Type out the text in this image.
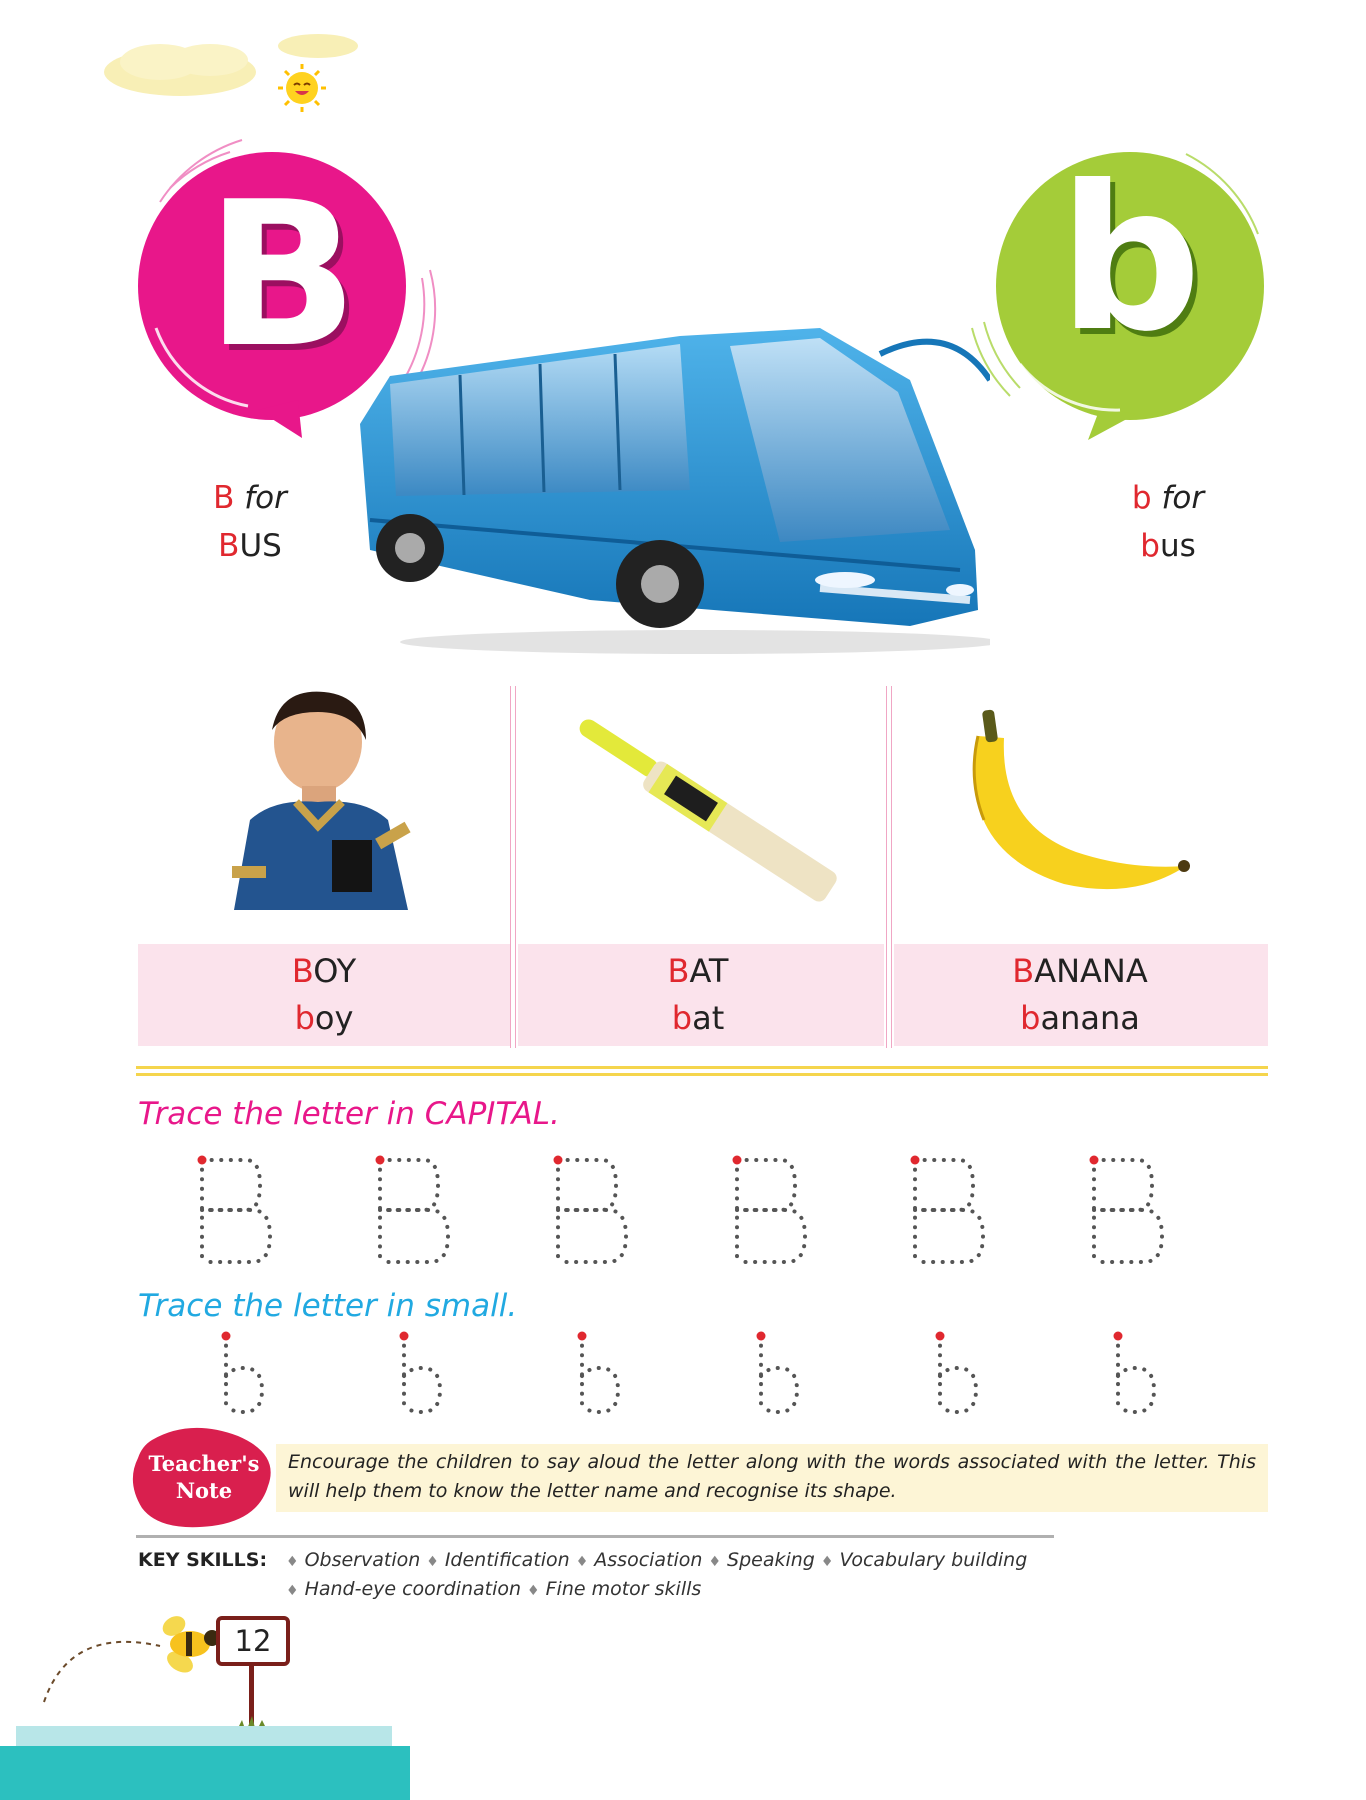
B	b
B for
BUS
b for
bus
BOY
boy
BAT
bat
BANANA
banana
Trace the letter in CAPITAL.
Trace the letter in small.
Teacher's
Note
Encourage the children to say aloud the letter along with the words associated with the letter. This will help them to know the letter name and recognise its shape.
KEY SKILLS:	♦ Observation ♦ Identification ♦ Association ♦ Speaking ♦ Vocabulary building
♦ Hand-eye coordination ♦ Fine motor skills
12
